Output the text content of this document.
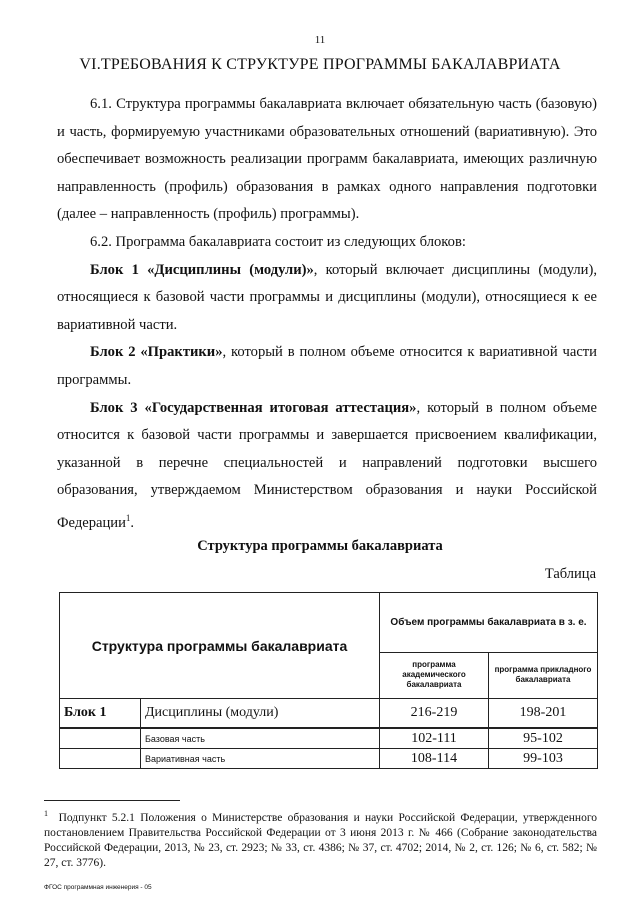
11
VI.ТРЕБОВАНИЯ К СТРУКТУРЕ ПРОГРАММЫ БАКАЛАВРИАТА

6.1. Структура программы бакалавриата включает обязательную часть (базовую) и часть, формируемую участниками образовательных отношений (вариативную). Это обеспечивает возможность реализации программ бакалавриата, имеющих различную направленность (профиль) образования в рамках одного направления подготовки (далее – направленность (профиль) программы).

6.2. Программа бакалавриата состоит из следующих блоков:

Блок 1 «Дисциплины (модули)», который включает дисциплины (модули), относящиеся к базовой части программы и дисциплины (модули), относящиеся к ее вариативной части.

Блок 2 «Практики», который в полном объеме относится к вариативной части программы.

Блок 3 «Государственная итоговая аттестация», который в полном объеме относится к базовой части программы и завершается присвоением квалификации, указанной в перечне специальностей и направлений подготовки высшего образования, утверждаемом Министерством образования и науки Российской Федерации$^1$.

Структура программы бакалавриата
Таблица
Структура программы бакалавриата		Объем программы бакалавриата в з. е.	
		программа академического бакалавриата	программа прикладного бакалавриата
Блок 1	Дисциплины (модули)	216-219	198-201
	Базовая часть	102-111	95-102
	Вариативная часть	108-114	99-103
$^1$ Подпункт 5.2.1 Положения о Министерстве образования и науки Российской Федерации, утвержденного постановлением Правительства Российской Федерации от 3 июня 2013 г. № 466 (Собрание законодательства Российской Федерации, 2013, № 23, ст. 2923; № 33, ст. 4386; № 37, ст. 4702; 2014, № 2, ст. 126; № 6, ст. 582; № 27, ст. 3776).
ФГОС программная инженерия - 05
